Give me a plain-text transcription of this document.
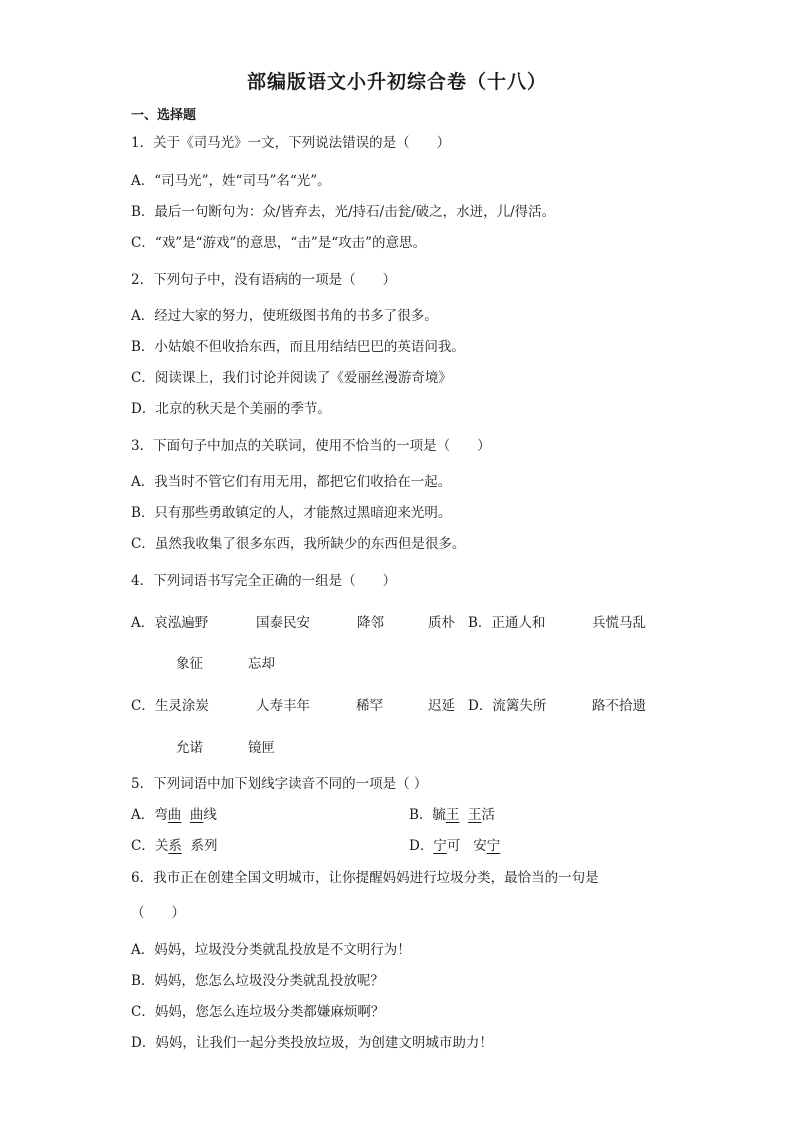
部编版语文小升初综合卷（十八）
一、选择题
1．关于《司马光》一文，下列说法错误的是（　　）
A．“司马光”，姓“司马”名“光”。
B．最后一句断句为：众/皆弃去，光/持石/击瓮/破之，水迸，儿/得活。
C．“戏”是“游戏”的意思，“击”是“攻击”的意思。
2．下列句子中，没有语病的一项是（　　）
A．经过大家的努力，使班级图书角的书多了很多。
B．小姑娘不但收拾东西，而且用结结巴巴的英语问我。
C．阅读课上，我们讨论并阅读了《爱丽丝漫游奇境》
D．北京的秋天是个美丽的季节。
3．下面句子中加点的关联词，使用不恰当的一项是（　　）
A．我当时不管它们有用无用，都把它们收拾在一起。
B．只有那些勇敢镇定的人，才能熬过黑暗迎来光明。
C．虽然我收集了很多东西，我所缺少的东西但是很多。
4．下列词语书写完全正确的一组是（　　）
A．哀泓遍野	国泰民安	降邻	质朴 B．正通人和	兵慌马乱
象征	忘却
C．生灵涂炭	人寿丰年	稀罕	迟延 D．流篱失所	路不拾遗
允诺	镜匣
5．下列词语中加下划线字读音不同的一项是（ ）
A．弯曲 曲线	B．毓王 王活
C．关系 系列	D．宁可 安宁
6．我市正在创建全国文明城市，让你提醒妈妈进行垃圾分类，最恰当的一句是
（　　）
A．妈妈，垃圾没分类就乱投放是不文明行为！
B．妈妈，您怎么垃圾没分类就乱投放呢？
C．妈妈，您怎么连垃圾分类都嫌麻烦啊？
D．妈妈，让我们一起分类投放垃圾，为创建文明城市助力！
